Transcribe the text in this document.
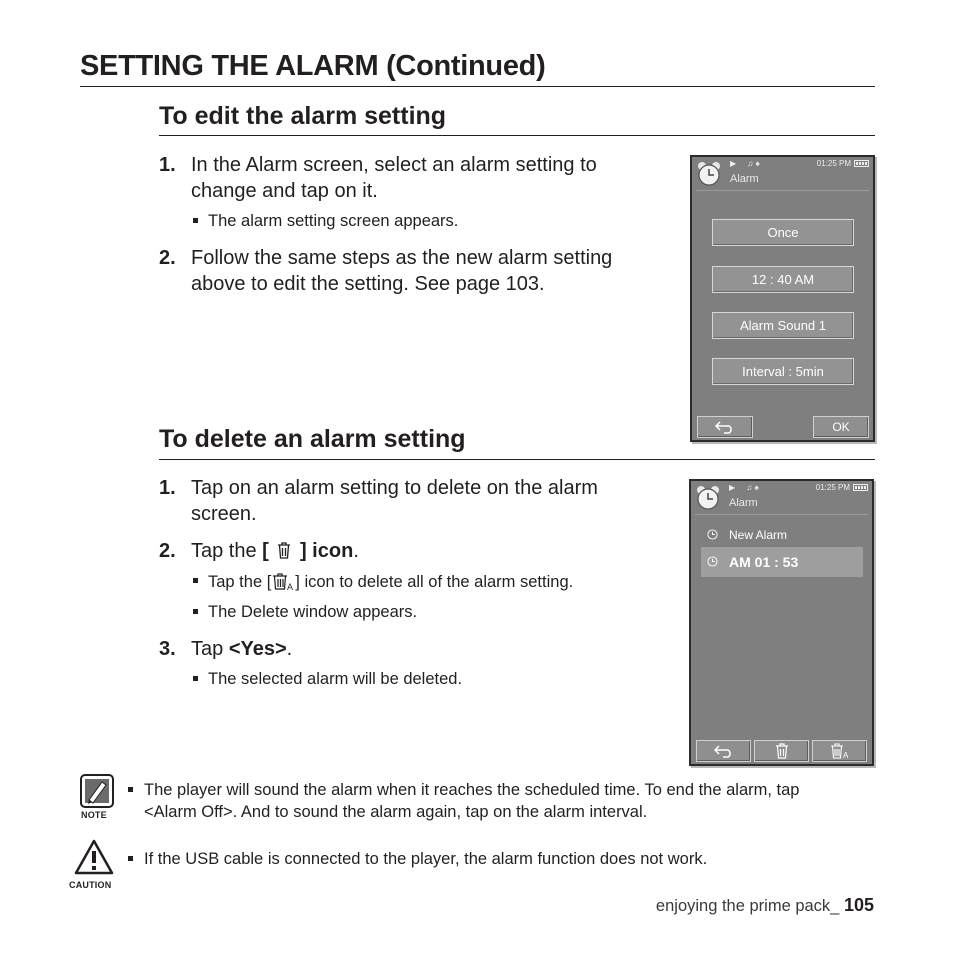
SETTING THE ALARM (Continued)
To edit the alarm setting
1. In the Alarm screen, select an alarm setting to
change and tap on it.
The alarm setting screen appears.
2. Follow the same steps as the new alarm setting
above to edit the setting. See page 103.
▶     ♫ ♠	01:25 PM
Alarm
Once
12 : 40 AM
Alarm Sound 1
Interval : 5min
OK
To delete an alarm setting
1. Tap on an alarm setting to delete on the alarm
screen.
2. Tap the [ ] icon.
Tap the [ A ] icon to delete all of the alarm setting.
The Delete window appears.
3. Tap <Yes>.
The selected alarm will be deleted.
▶     ♫ ♠	01:25 PM
Alarm
New Alarm
AM 01 : 53
A
NOTE
The player will sound the alarm when it reaches the scheduled time. To end the alarm, tap
<Alarm Off>. And to sound the alarm again, tap on the alarm interval.
CAUTION
If the USB cable is connected to the player, the alarm function does not work.
enjoying the prime pack_ 105
